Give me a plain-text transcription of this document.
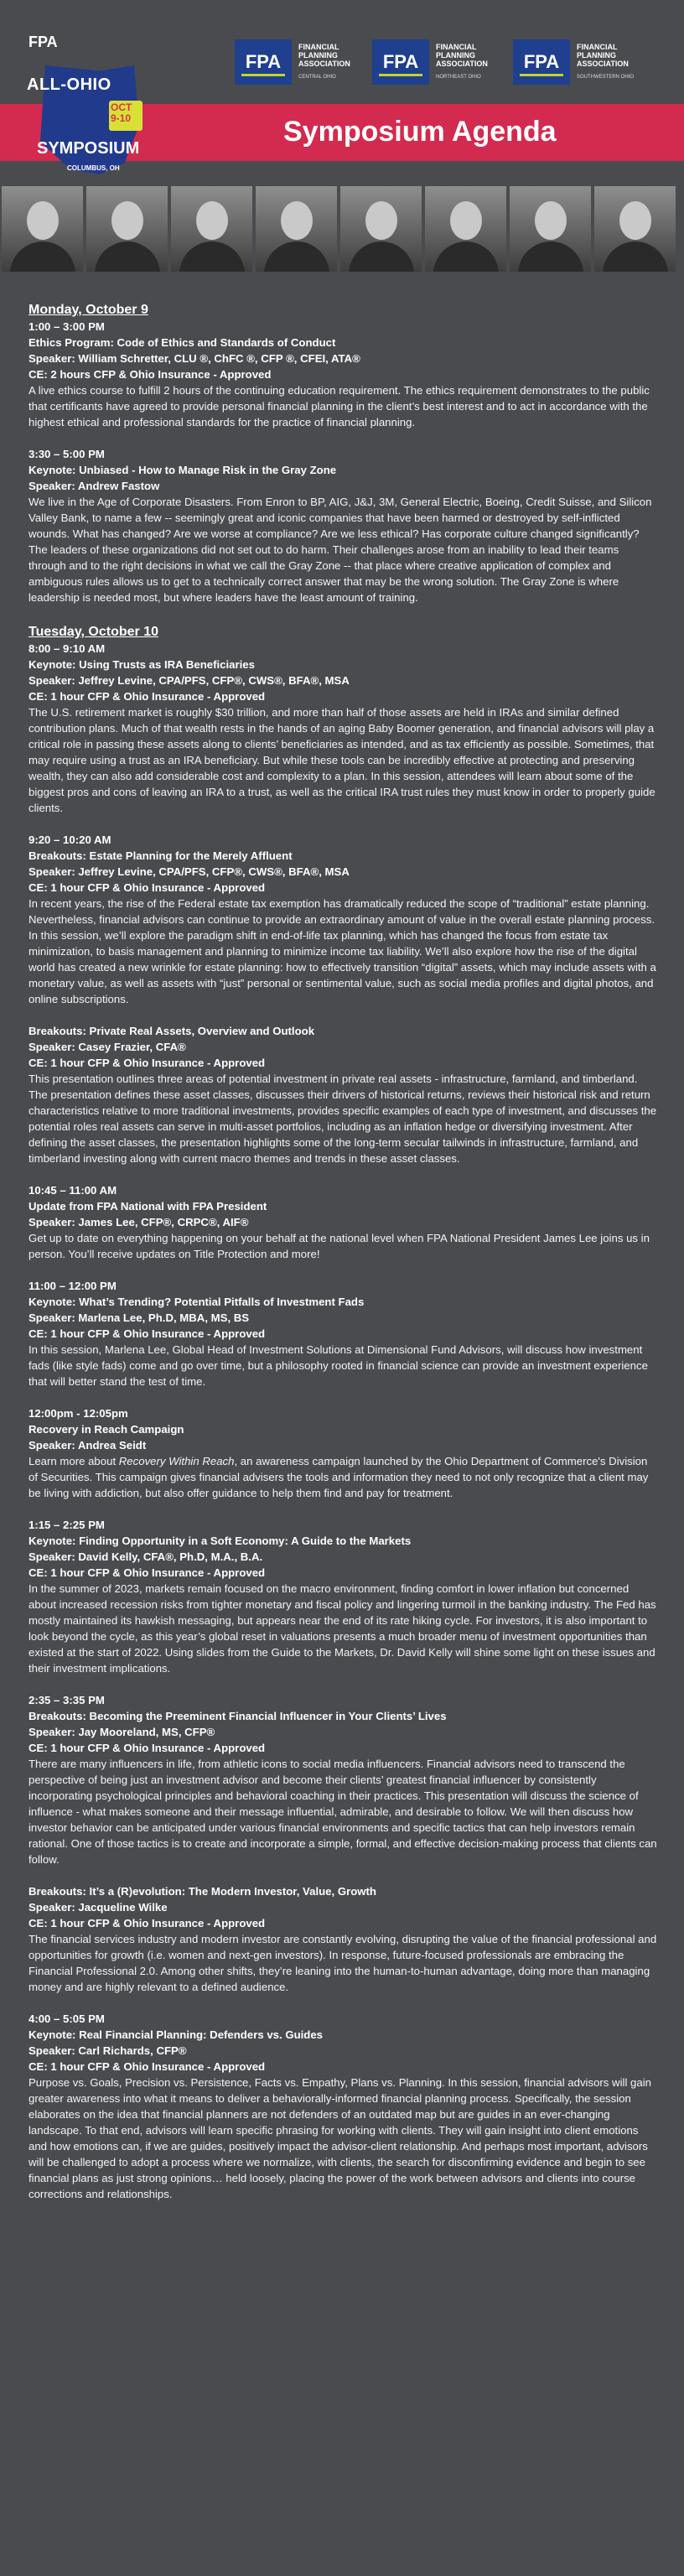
Symposium Agenda
FPA
ALL-OHIO
OCT 9-10
SYMPOSIUM
COLUMBUS, OH
FPA
FINANCIAL PLANNING ASSOCIATION
CENTRAL OHIO
FPA
FINANCIAL PLANNING ASSOCIATION
NORTHEAST OHIO
FPA
FINANCIAL PLANNING ASSOCIATION
SOUTHWESTERN OHIO
Monday, October 9

1:00 – 3:00 PM

Ethics Program: Code of Ethics and Standards of Conduct

Speaker: William Schretter, CLU ®, ChFC ®, CFP ®, CFEI, ATA®

CE: 2 hours CFP & Ohio Insurance - Approved

A live ethics course to fulfill 2 hours of the continuing education requirement. The ethics requirement demonstrates to the public that certificants have agreed to provide personal financial planning in the client’s best interest and to act in accordance with the highest ethical and professional standards for the practice of financial planning.

3:30 – 5:00 PM

Keynote: Unbiased - How to Manage Risk in the Gray Zone

Speaker: Andrew Fastow

We live in the Age of Corporate Disasters. From Enron to BP, AIG, J&J, 3M, General Electric, Boeing, Credit Suisse, and Silicon Valley Bank, to name a few -- seemingly great and iconic companies that have been harmed or destroyed by self-inflicted wounds. What has changed? Are we worse at compliance? Are we less ethical? Has corporate culture changed significantly? The leaders of these organizations did not set out to do harm. Their challenges arose from an inability to lead their teams through and to the right decisions in what we call the Gray Zone -- that place where creative application of complex and ambiguous rules allows us to get to a technically correct answer that may be the wrong solution. The Gray Zone is where leadership is needed most, but where leaders have the least amount of training.

Tuesday, October 10

8:00 – 9:10 AM

Keynote: Using Trusts as IRA Beneficiaries

Speaker: Jeffrey Levine, CPA/PFS, CFP®, CWS®, BFA®, MSA

CE: 1 hour CFP & Ohio Insurance - Approved

The U.S. retirement market is roughly $30 trillion, and more than half of those assets are held in IRAs and similar defined contribution plans. Much of that wealth rests in the hands of an aging Baby Boomer generation, and financial advisors will play a critical role in passing these assets along to clients’ beneficiaries as intended, and as tax efficiently as possible. Sometimes, that may require using a trust as an IRA beneficiary. But while these tools can be incredibly effective at protecting and preserving wealth, they can also add considerable cost and complexity to a plan. In this session, attendees will learn about some of the biggest pros and cons of leaving an IRA to a trust, as well as the critical IRA trust rules they must know in order to properly guide clients.

9:20 – 10:20 AM

Breakouts: Estate Planning for the Merely Affluent

Speaker: Jeffrey Levine, CPA/PFS, CFP®, CWS®, BFA®, MSA

CE: 1 hour CFP & Ohio Insurance - Approved

In recent years, the rise of the Federal estate tax exemption has dramatically reduced the scope of “traditional” estate planning. Nevertheless, financial advisors can continue to provide an extraordinary amount of value in the overall estate planning process. In this session, we’ll explore the paradigm shift in end-of-life tax planning, which has changed the focus from estate tax minimization, to basis management and planning to minimize income tax liability. We’ll also explore how the rise of the digital world has created a new wrinkle for estate planning: how to effectively transition “digital” assets, which may include assets with a monetary value, as well as assets with “just” personal or sentimental value, such as social media profiles and digital photos, and online subscriptions.

Breakouts: Private Real Assets, Overview and Outlook

Speaker: Casey Frazier, CFA®

CE: 1 hour CFP & Ohio Insurance - Approved

This presentation outlines three areas of potential investment in private real assets - infrastructure, farmland, and timberland. The presentation defines these asset classes, discusses their drivers of historical returns, reviews their historical risk and return characteristics relative to more traditional investments, provides specific examples of each type of investment, and discusses the potential roles real assets can serve in multi-asset portfolios, including as an inflation hedge or diversifying investment. After defining the asset classes, the presentation highlights some of the long-term secular tailwinds in infrastructure, farmland, and timberland investing along with current macro themes and trends in these asset classes.

10:45 – 11:00 AM

Update from FPA National with FPA President

Speaker: James Lee, CFP®, CRPC®, AIF®

Get up to date on everything happening on your behalf at the national level when FPA National President James Lee joins us in person. You’ll receive updates on Title Protection and more!

11:00 – 12:00 PM

Keynote: What’s Trending? Potential Pitfalls of Investment Fads

Speaker: Marlena Lee, Ph.D, MBA, MS, BS

CE: 1 hour CFP & Ohio Insurance - Approved

In this session, Marlena Lee, Global Head of Investment Solutions at Dimensional Fund Advisors, will discuss how investment fads (like style fads) come and go over time, but a philosophy rooted in financial science can provide an investment experience that will better stand the test of time.

12:00pm - 12:05pm

Recovery in Reach Campaign

Speaker: Andrea Seidt

Learn more about Recovery Within Reach, an awareness campaign launched by the Ohio Department of Commerce's Division of Securities. This campaign gives financial advisers the tools and information they need to not only recognize that a client may be living with addiction, but also offer guidance to help them find and pay for treatment.

1:15 – 2:25 PM

Keynote: Finding Opportunity in a Soft Economy: A Guide to the Markets

Speaker: David Kelly, CFA®, Ph.D, M.A., B.A.

CE: 1 hour CFP & Ohio Insurance - Approved

In the summer of 2023, markets remain focused on the macro environment, finding comfort in lower inflation but concerned about increased recession risks from tighter monetary and fiscal policy and lingering turmoil in the banking industry. The Fed has mostly maintained its hawkish messaging, but appears near the end of its rate hiking cycle. For investors, it is also important to look beyond the cycle, as this year’s global reset in valuations presents a much broader menu of investment opportunities than existed at the start of 2022. Using slides from the Guide to the Markets, Dr. David Kelly will shine some light on these issues and their investment implications.

2:35 – 3:35 PM

Breakouts: Becoming the Preeminent Financial Influencer in Your Clients’ Lives

Speaker: Jay Mooreland, MS, CFP®

CE: 1 hour CFP & Ohio Insurance - Approved

There are many influencers in life, from athletic icons to social media influencers. Financial advisors need to transcend the perspective of being just an investment advisor and become their clients’ greatest financial influencer by consistently incorporating psychological principles and behavioral coaching in their practices. This presentation will discuss the science of influence - what makes someone and their message influential, admirable, and desirable to follow. We will then discuss how investor behavior can be anticipated under various financial environments and specific tactics that can help investors remain rational. One of those tactics is to create and incorporate a simple, formal, and effective decision-making process that clients can follow.

Breakouts: It’s a (R)evolution: The Modern Investor, Value, Growth

Speaker: Jacqueline Wilke

CE: 1 hour CFP & Ohio Insurance - Approved

The financial services industry and modern investor are constantly evolving, disrupting the value of the financial professional and opportunities for growth (i.e. women and next-gen investors). In response, future-focused professionals are embracing the Financial Professional 2.0. Among other shifts, they’re leaning into the human-to-human advantage, doing more than managing money and are highly relevant to a defined audience.

4:00 – 5:05 PM

Keynote: Real Financial Planning: Defenders vs. Guides

Speaker: Carl Richards, CFP®

CE: 1 hour CFP & Ohio Insurance - Approved

Purpose vs. Goals, Precision vs. Persistence, Facts vs. Empathy, Plans vs. Planning. In this session, financial advisors will gain greater awareness into what it means to deliver a behaviorally-informed financial planning process. Specifically, the session elaborates on the idea that financial planners are not defenders of an outdated map but are guides in an ever-changing landscape. To that end, advisors will learn specific phrasing for working with clients. They will gain insight into client emotions and how emotions can, if we are guides, positively impact the advisor-client relationship. And perhaps most important, advisors will be challenged to adopt a process where we normalize, with clients, the search for disconfirming evidence and begin to see financial plans as just strong opinions… held loosely, placing the power of the work between advisors and clients into course corrections and relationships.
